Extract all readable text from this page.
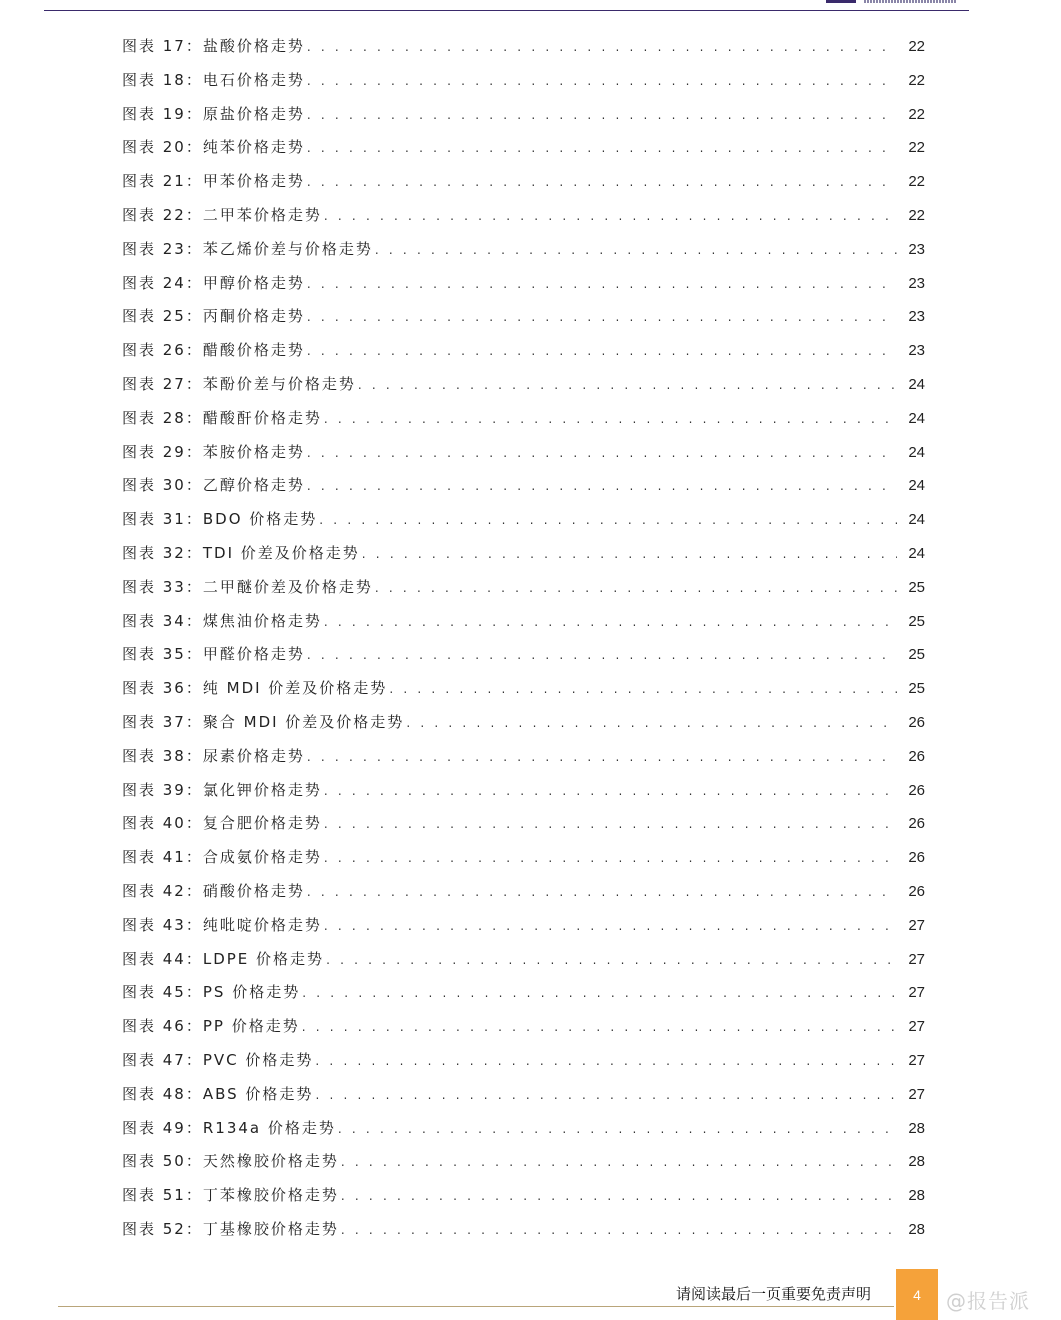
图表 17：盐酸价格走势 . . .	22
图表 18：电石价格走势 . . .	22
图表 19：原盐价格走势 . . .	22
图表 20：纯苯价格走势 . . .	22
图表 21：甲苯价格走势 . . .	22
图表 22：二甲苯价格走势 . . .	22
图表 23：苯乙烯价差与价格走势 . . .	23
图表 24：甲醇价格走势 . . .	23
图表 25：丙酮价格走势 . . .	23
图表 26：醋酸价格走势 . . .	23
图表 27：苯酚价差与价格走势 . . .	24
图表 28：醋酸酐价格走势 . . .	24
图表 29：苯胺价格走势 . . .	24
图表 30：乙醇价格走势 . . .	24
图表 31：BDO 价格走势 . . .	24
图表 32：TDI 价差及价格走势 . . .	24
图表 33：二甲醚价差及价格走势 . . .	25
图表 34：煤焦油价格走势 . . .	25
图表 35：甲醛价格走势 . . .	25
图表 36：纯 MDI 价差及价格走势 . . .	25
图表 37：聚合 MDI 价差及价格走势 . . .	26
图表 38：尿素价格走势 . . .	26
图表 39：氯化钾价格走势 . . .	26
图表 40：复合肥价格走势 . . .	26
图表 41：合成氨价格走势 . . .	26
图表 42：硝酸价格走势 . . .	26
图表 43：纯吡啶价格走势 . . .	27
图表 44：LDPE 价格走势 . . .	27
图表 45：PS 价格走势 . . .	27
图表 46：PP 价格走势 . . .	27
图表 47：PVC 价格走势 . . .	27
图表 48：ABS 价格走势 . . .	27
图表 49：R134a 价格走势 . . .	28
图表 50：天然橡胶价格走势 . . .	28
图表 51：丁苯橡胶价格走势 . . .	28
图表 52：丁基橡胶价格走势 . . .	28
请阅读最后一页重要免责声明	4 @报告派
